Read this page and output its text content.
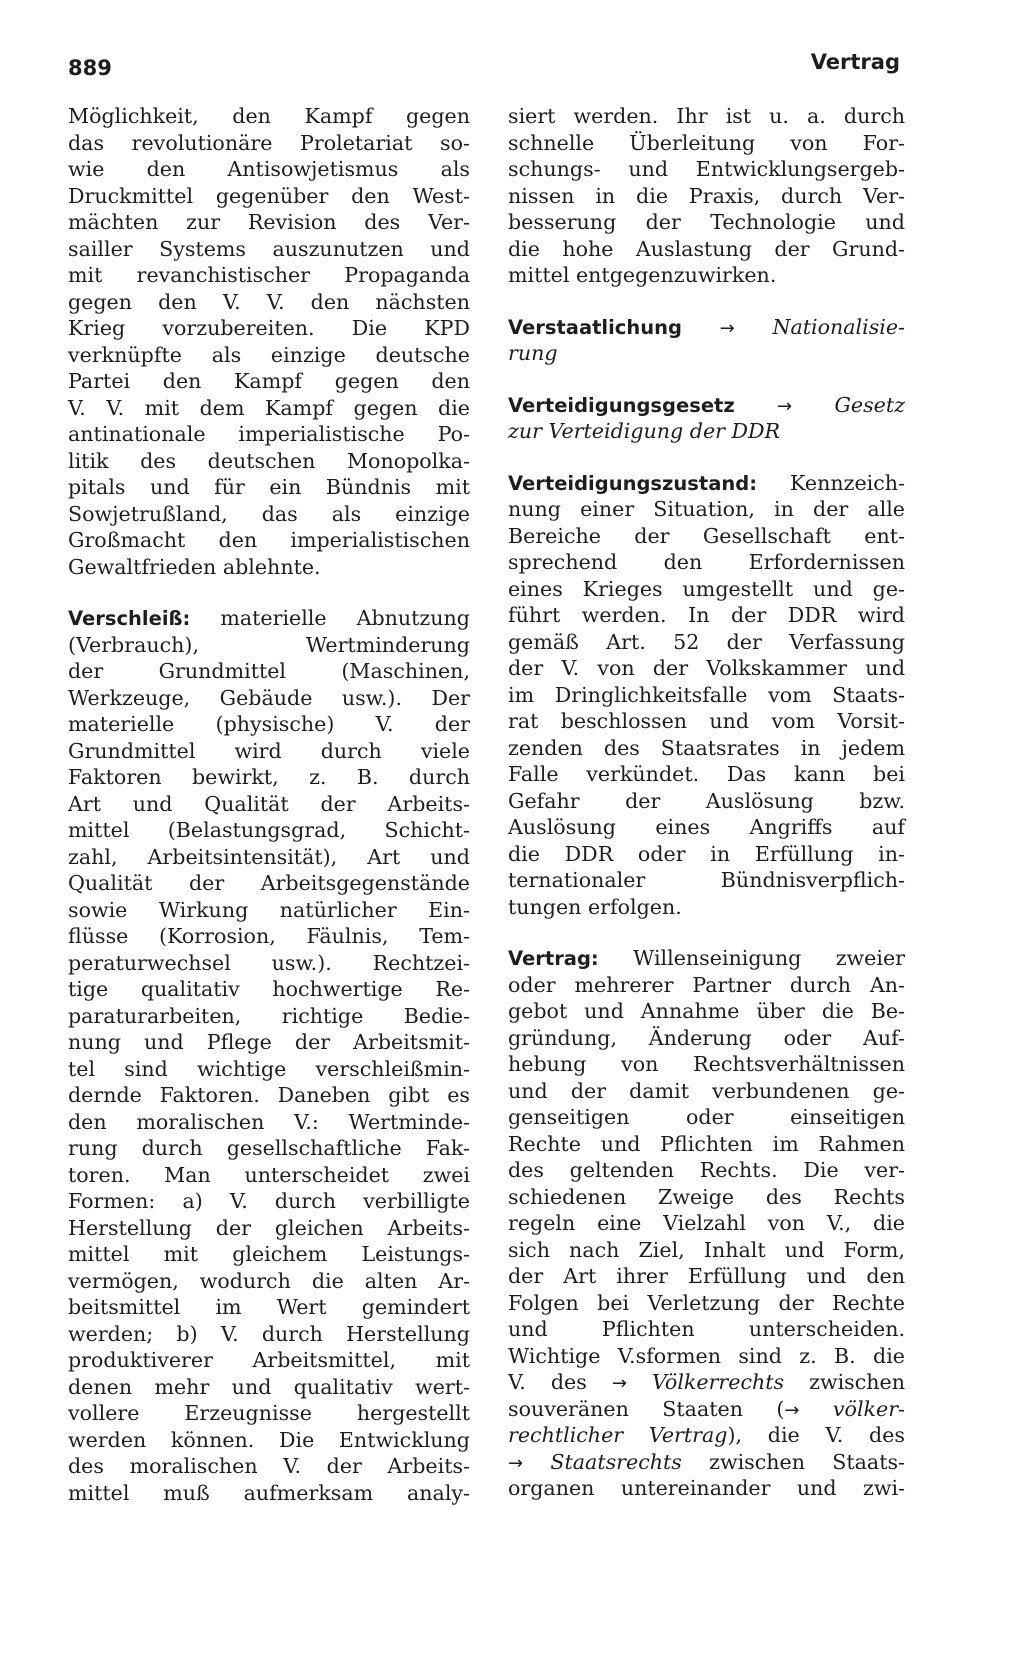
889	Vertrag
Möglichkeit, den Kampf gegen
das revolutionäre Proletariat so-
wie den Antisowjetismus als
Druckmittel gegenüber den West-
mächten zur Revision des Ver-
sailler Systems auszunutzen und
mit revanchistischer Propaganda
gegen den V. V. den nächsten
Krieg vorzubereiten. Die KPD
verknüpfte als einzige deutsche
Partei den Kampf gegen den
V. V. mit dem Kampf gegen die
antinationale imperialistische Po-
litik des deutschen Monopolka-
pitals und für ein Bündnis mit
Sowjetrußland, das als einzige
Großmacht den imperialistischen
Gewaltfrieden ablehnte.
Verschleiß: materielle Abnutzung
(Verbrauch), Wertminderung
der Grundmittel (Maschinen,
Werkzeuge, Gebäude usw.). Der
materielle (physische) V. der
Grundmittel wird durch viele
Faktoren bewirkt, z. B. durch
Art und Qualität der Arbeits-
mittel (Belastungsgrad, Schicht-
zahl, Arbeitsintensität), Art und
Qualität der Arbeitsgegenstände
sowie Wirkung natürlicher Ein-
flüsse (Korrosion, Fäulnis, Tem-
peraturwechsel usw.). Rechtzei-
tige qualitativ hochwertige Re-
paraturarbeiten, richtige Bedie-
nung und Pflege der Arbeitsmit-
tel sind wichtige verschleißmin-
dernde Faktoren. Daneben gibt es
den moralischen V.: Wertminde-
rung durch gesellschaftliche Fak-
toren. Man unterscheidet zwei
Formen: a) V. durch verbilligte
Herstellung der gleichen Arbeits-
mittel mit gleichem Leistungs-
vermögen, wodurch die alten Ar-
beitsmittel im Wert gemindert
werden; b) V. durch Herstellung
produktiverer Arbeitsmittel, mit
denen mehr und qualitativ wert-
vollere Erzeugnisse hergestellt
werden können. Die Entwicklung
des moralischen V. der Arbeits-
mittel muß aufmerksam analy-
siert werden. Ihr ist u. a. durch
schnelle Überleitung von For-
schungs- und Entwicklungsergeb-
nissen in die Praxis, durch Ver-
besserung der Technologie und
die hohe Auslastung der Grund-
mittel entgegenzuwirken.
Verstaatlichung → Nationalisie-
rung
Verteidigungsgesetz → Gesetz
zur Verteidigung der DDR
Verteidigungszustand: Kennzeich-
nung einer Situation, in der alle
Bereiche der Gesellschaft ent-
sprechend den Erfordernissen
eines Krieges umgestellt und ge-
führt werden. In der DDR wird
gemäß Art. 52 der Verfassung
der V. von der Volkskammer und
im Dringlichkeitsfalle vom Staats-
rat beschlossen und vom Vorsit-
zenden des Staatsrates in jedem
Falle verkündet. Das kann bei
Gefahr der Auslösung bzw.
Auslösung eines Angriffs auf
die DDR oder in Erfüllung in-
ternationaler Bündnisverpflich-
tungen erfolgen.
Vertrag: Willenseinigung zweier
oder mehrerer Partner durch An-
gebot und Annahme über die Be-
gründung, Änderung oder Auf-
hebung von Rechtsverhältnissen
und der damit verbundenen ge-
genseitigen oder einseitigen
Rechte und Pflichten im Rahmen
des geltenden Rechts. Die ver-
schiedenen Zweige des Rechts
regeln eine Vielzahl von V., die
sich nach Ziel, Inhalt und Form,
der Art ihrer Erfüllung und den
Folgen bei Verletzung der Rechte
und Pflichten unterscheiden.
Wichtige V.sformen sind z. B. die
V. des → Völkerrechts zwischen
souveränen Staaten (→ völker-
rechtlicher Vertrag), die V. des
→ Staatsrechts zwischen Staats-
organen untereinander und zwi-
